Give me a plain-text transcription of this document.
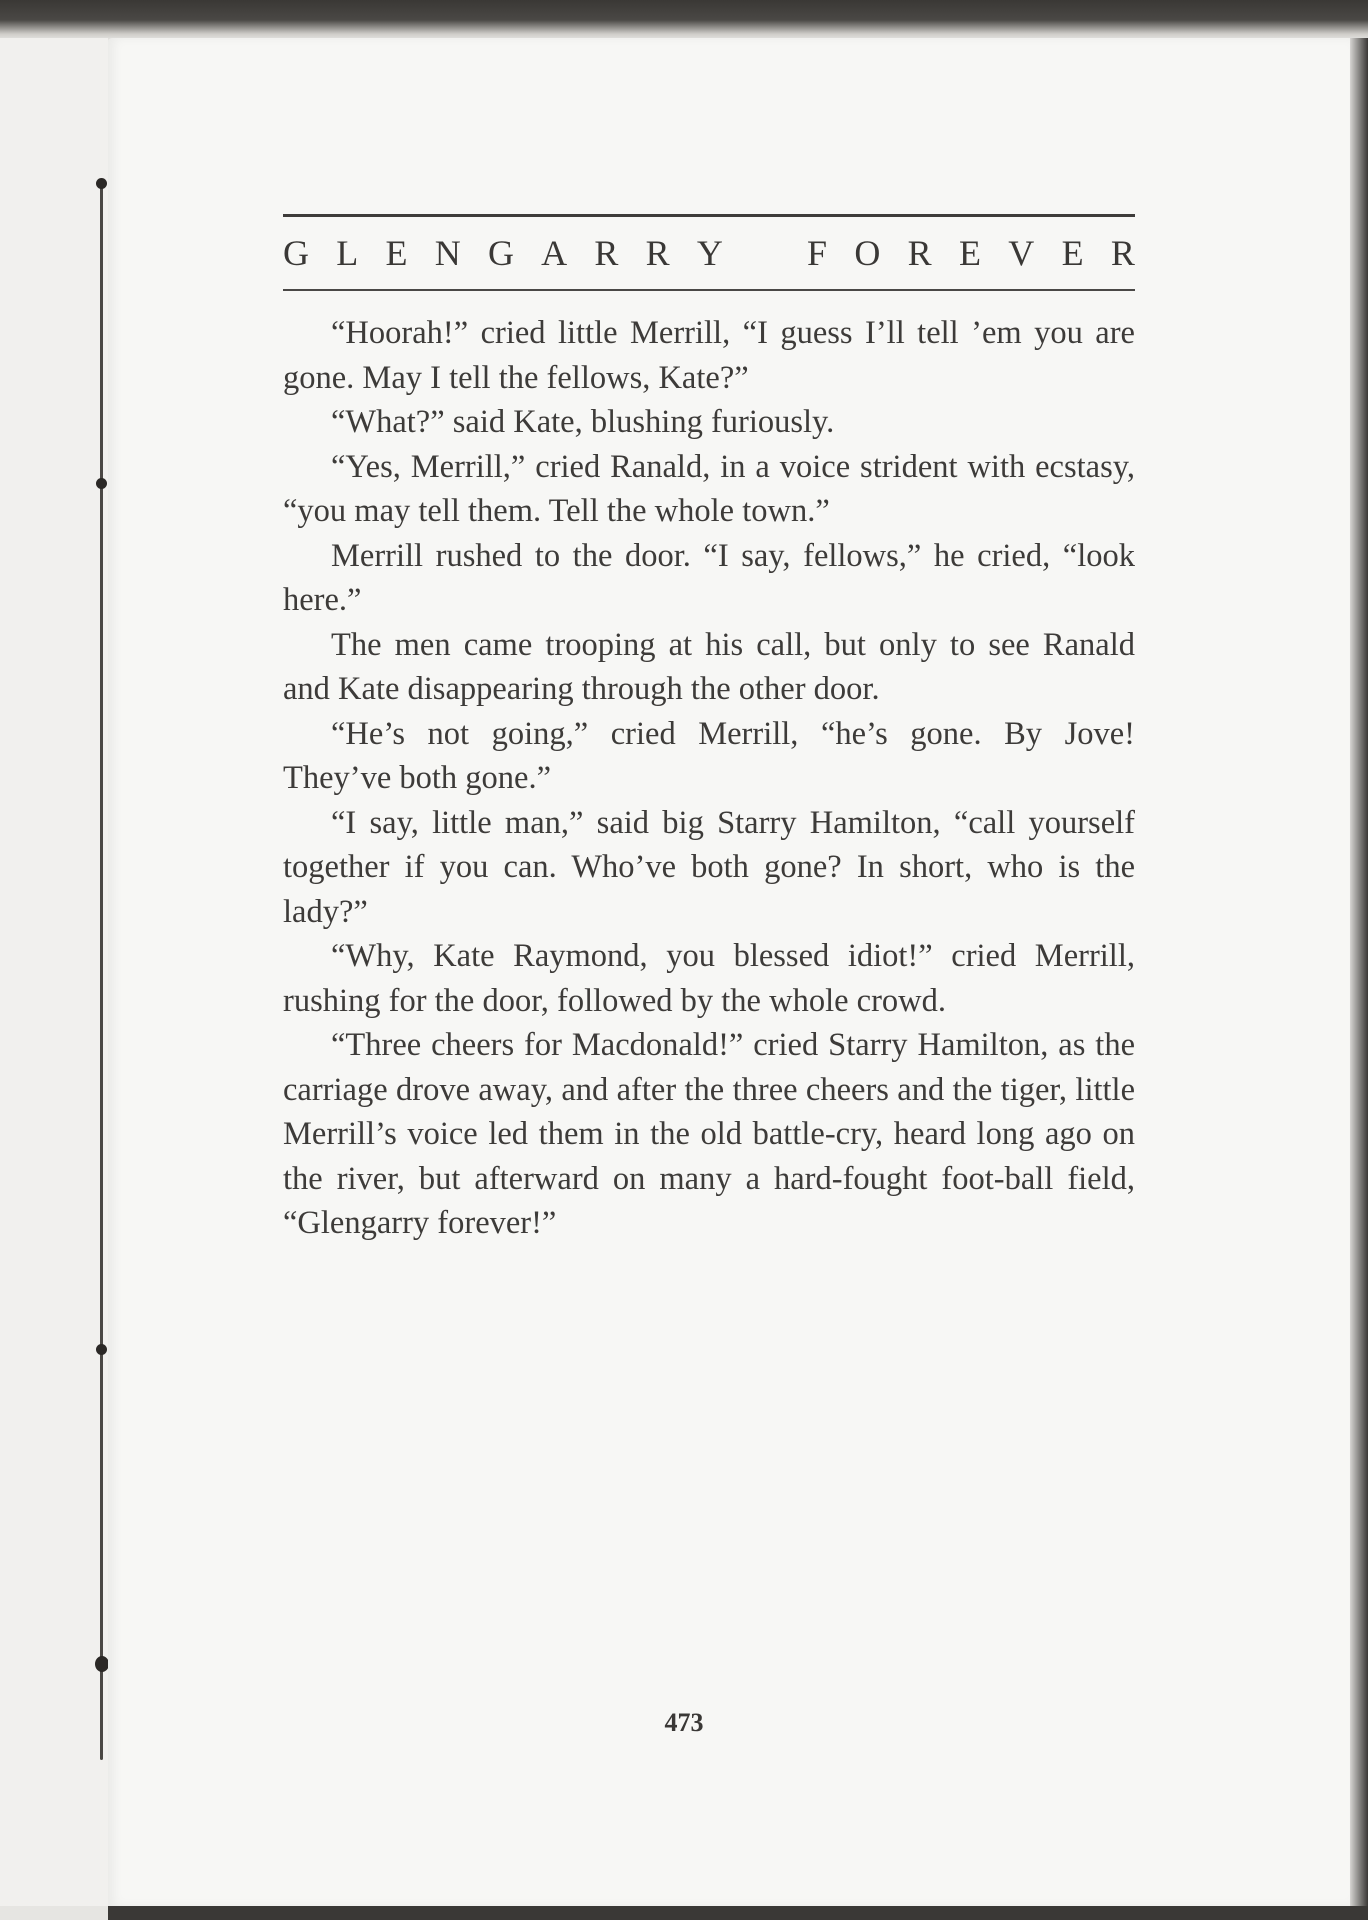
G L E N G A R R Y F O R E V E R

“Hoorah!” cried little Merrill, “I guess I’ll tell ’em you are gone. May I tell the fellows, Kate?”

“What?” said Kate, blushing furiously.

“Yes, Merrill,” cried Ranald, in a voice strident with ecstasy, “you may tell them. Tell the whole town.”

Merrill rushed to the door. “I say, fellows,” he cried, “look here.”

The men came trooping at his call, but only to see Ranald and Kate disappearing through the other door.

“He’s not going,” cried Merrill, “he’s gone. By Jove! They’ve both gone.”

“I say, little man,” said big Starry Hamilton, “call yourself together if you can. Who’ve both gone? In short, who is the lady?”

“Why, Kate Raymond, you blessed idiot!” cried Merrill, rushing for the door, followed by the whole crowd.

“Three cheers for Macdonald!” cried Starry Hamilton, as the carriage drove away, and after the three cheers and the tiger, little Merrill’s voice led them in the old battle-cry, heard long ago on the river, but afterward on many a hard-fought foot-ball field, “Glengarry forever!”

473
